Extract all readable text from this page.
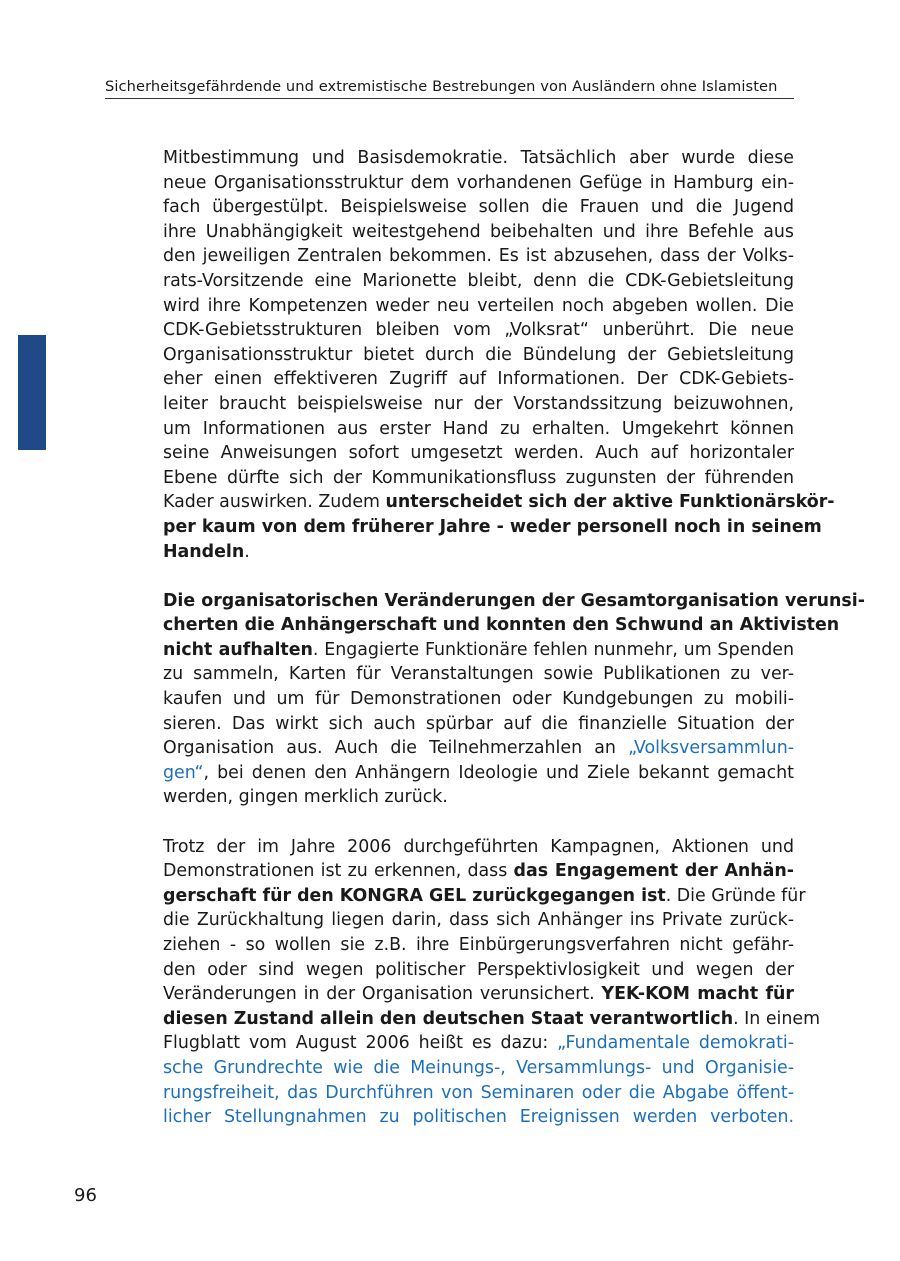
Sicherheitsgefährdende und extremistische Bestrebungen von Ausländern ohne Islamisten
Mitbestimmung und Basisdemokratie. Tatsächlich aber wurde diese
neue Organisationsstruktur dem vorhandenen Gefüge in Hamburg ein-
fach übergestülpt. Beispielsweise sollen die Frauen und die Jugend
ihre Unabhängigkeit weitestgehend beibehalten und ihre Befehle aus
den jeweiligen Zentralen bekommen. Es ist abzusehen, dass der Volks-
rats-Vorsitzende eine Marionette bleibt, denn die CDK-Gebietsleitung
wird ihre Kompetenzen weder neu verteilen noch abgeben wollen. Die
CDK-Gebietsstrukturen bleiben vom „Volksrat“ unberührt. Die neue
Organisationsstruktur bietet durch die Bündelung der Gebietsleitung
eher einen effektiveren Zugriff auf Informationen. Der CDK-Gebiets-
leiter braucht beispielsweise nur der Vorstandssitzung beizuwohnen,
um Informationen aus erster Hand zu erhalten. Umgekehrt können
seine Anweisungen sofort umgesetzt werden. Auch auf horizontaler
Ebene dürfte sich der Kommunikationsfluss zugunsten der führenden
Kader auswirken. Zudem unterscheidet sich der aktive Funktionärskör-
per kaum von dem früherer Jahre - weder personell noch in seinem
Handeln.
Die organisatorischen Veränderungen der Gesamtorganisation verunsi-
cherten die Anhängerschaft und konnten den Schwund an Aktivisten
nicht aufhalten. Engagierte Funktionäre fehlen nunmehr, um Spenden
zu sammeln, Karten für Veranstaltungen sowie Publikationen zu ver-
kaufen und um für Demonstrationen oder Kundgebungen zu mobili-
sieren. Das wirkt sich auch spürbar auf die finanzielle Situation der
Organisation aus. Auch die Teilnehmerzahlen an „Volksversammlun-
gen“, bei denen den Anhängern Ideologie und Ziele bekannt gemacht
werden, gingen merklich zurück.
Trotz der im Jahre 2006 durchgeführten Kampagnen, Aktionen und
Demonstrationen ist zu erkennen, dass das Engagement der Anhän-
gerschaft für den KONGRA GEL zurückgegangen ist. Die Gründe für
die Zurückhaltung liegen darin, dass sich Anhänger ins Private zurück-
ziehen - so wollen sie z.B. ihre Einbürgerungsverfahren nicht gefähr-
den oder sind wegen politischer Perspektivlosigkeit und wegen der
Veränderungen in der Organisation verunsichert. YEK-KOM macht für
diesen Zustand allein den deutschen Staat verantwortlich. In einem
Flugblatt vom August 2006 heißt es dazu: „Fundamentale demokrati-
sche Grundrechte wie die Meinungs-, Versammlungs- und Organisie-
rungsfreiheit, das Durchführen von Seminaren oder die Abgabe öffent-
licher Stellungnahmen zu politischen Ereignissen werden verboten.
96
